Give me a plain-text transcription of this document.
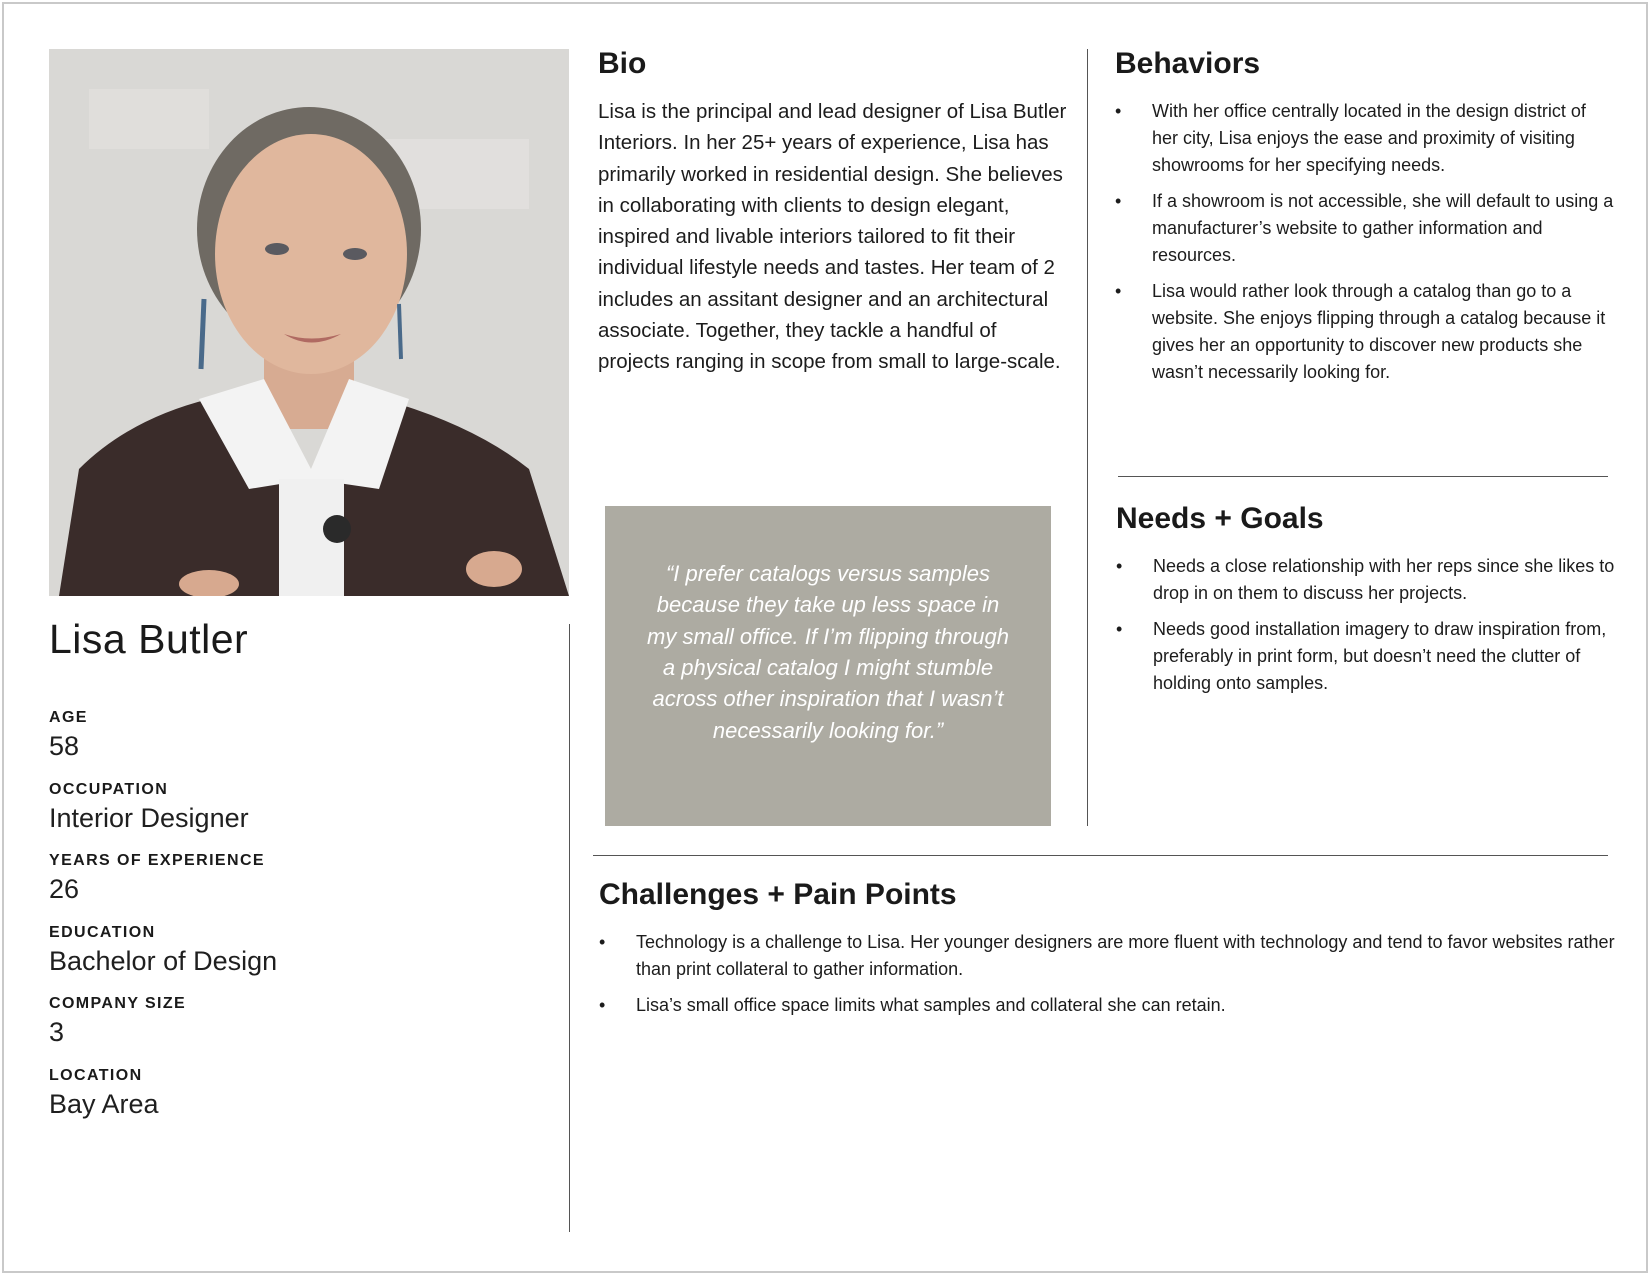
Lisa Butler
AGE
58
OCCUPATION
Interior Designer
YEARS OF EXPERIENCE
26
EDUCATION
Bachelor of Design
COMPANY SIZE
3
LOCATION
Bay Area
Bio

Lisa is the principal and lead designer of Lisa Butler Interiors. In her 25+ years of experience, Lisa has primarily worked in residential design. She believes in collaborating with clients to design elegant, inspired and livable interiors tailored to fit their individual lifestyle needs and tastes. Her team of 2 includes an assitant designer and an architectural associate. Together, they tackle a handful of projects ranging in scope from small to large-scale.

“I prefer catalogs versus samples because they take up less space in my small office. If I’m flipping through a physical catalog I might stumble across other inspiration that I wasn’t necessarily looking for.”

Behaviors
• With her office centrally located in the design district of her city, Lisa enjoys the ease and proximity of visiting showrooms for her specifying needs.
• If a showroom is not accessible, she will default to using a manufacturer’s website to gather information and resources.
• Lisa would rather look through a catalog than go to a website. She enjoys flipping through a catalog because it gives her an opportunity to discover new products she wasn’t necessarily looking for.
Needs + Goals
• Needs a close relationship with her reps since she likes to drop in on them to discuss her projects.
• Needs good installation imagery to draw inspiration from, preferably in print form, but doesn’t need the clutter of holding onto samples.
Challenges + Pain Points
• Technology is a challenge to Lisa. Her younger designers are more fluent with technology and tend to favor websites rather than print collateral to gather information.
• Lisa’s small office space limits what samples and collateral she can retain.
